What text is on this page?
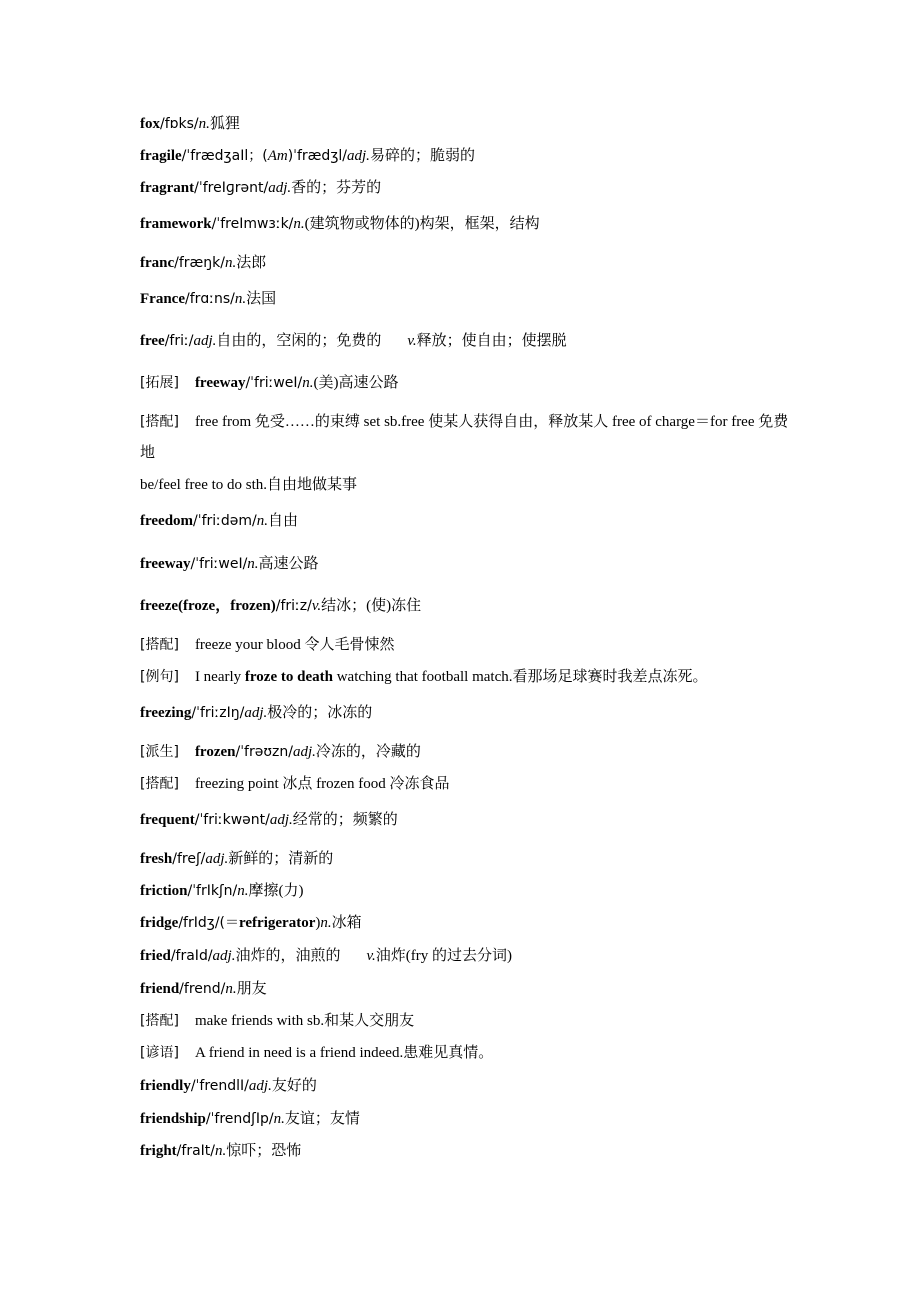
fox/fɒks/n.狐狸
fragile/ˈfrædʒaIl；(Am)ˈfrædʒl/adj.易碎的；脆弱的
fragrant/ˈfreIɡrənt/adj.香的；芬芳的
framework/ˈfreImwɜːk/n.(建筑物或物体的)构架，框架，结构
franc/fræŋk/n.法郎
France/frɑːns/n.法国
free/friː/adj.自由的，空闲的；免费的 v.释放；使自由；使摆脱
[拓展] freeway/ˈfriːweI/n.(美)高速公路
[搭配] free from 免受……的束缚 set sb.free 使某人获得自由，释放某人 free of charge＝for free 免费地
be/feel free to do sth.自由地做某事
freedom/ˈfriːdəm/n.自由
freeway/ˈfriːweI/n.高速公路
freeze(froze，frozen)/friːz/v.结冰；(使)冻住
[搭配] freeze your blood 令人毛骨悚然
[例句] I nearly froze to death watching that football match.看那场足球赛时我差点冻死。
freezing/ˈfriːzIŋ/adj.极冷的；冰冻的
[派生] frozen/ˈfrəʊzn/adj.冷冻的，冷藏的
[搭配] freezing point 冰点 frozen food 冷冻食品
frequent/ˈfriːkwənt/adj.经常的；频繁的
fresh/freʃ/adj.新鲜的；清新的
friction/ˈfrIkʃn/n.摩擦(力)
fridge/frIdʒ/(＝refrigerator)n.冰箱
fried/fraId/adj.油炸的，油煎的 v.油炸(fry 的过去分词)
friend/frend/n.朋友
[搭配] make friends with sb.和某人交朋友
[谚语] A friend in need is a friend indeed.患难见真情。
friendly/ˈfrendlI/adj.友好的
friendship/ˈfrendʃIp/n.友谊；友情
fright/fraIt/n.惊吓；恐怖
